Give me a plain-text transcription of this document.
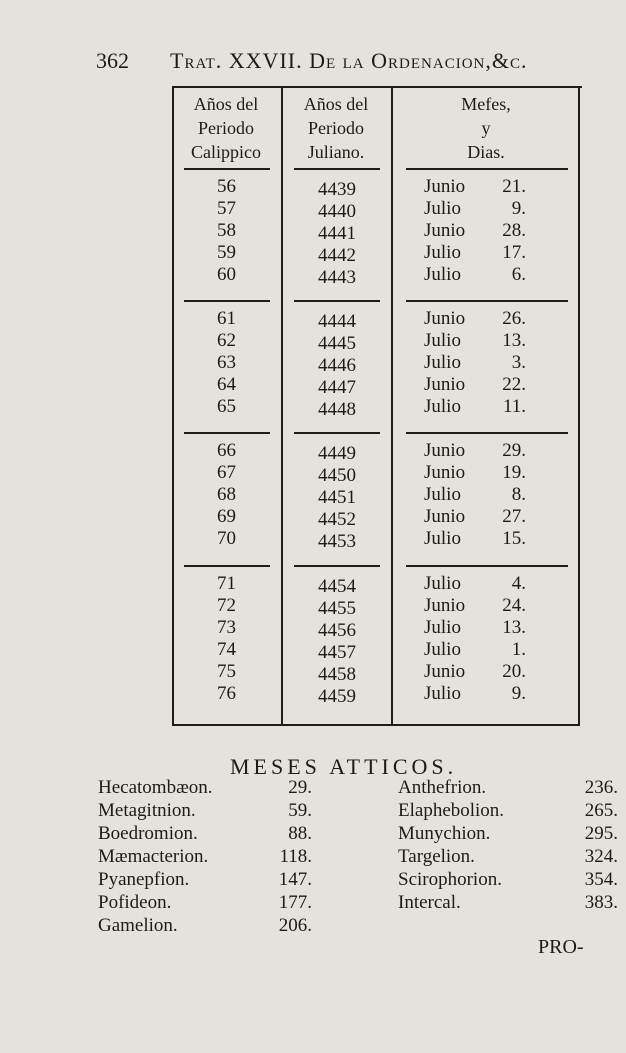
362 Trat. XXVII. De la Ordenacion,&c.
Años del
Periodo
Calippico
Años del
Periodo
Juliano.
Mefes,
y
Dias.
56	4439	Junio	21.
57	4440	Julio	9.
58	4441	Junio	28.
59	4442	Julio	17.
60	4443	Julio	6.
61	4444	Junio	26.
62	4445	Julio	13.
63	4446	Julio	3.
64	4447	Junio	22.
65	4448	Julio	11.
66	4449	Junio	29.
67	4450	Junio	19.
68	4451	Julio	8.
69	4452	Junio	27.
70	4453	Julio	15.
71	4454	Julio	4.
72	4455	Junio	24.
73	4456	Julio	13.
74	4457	Julio	1.
75	4458	Junio	20.
76	4459	Julio	9.
MESES ATTICOS.
Hecatombæon.	29.
Metagitnion.	59.
Boedromion.	88.
Mæmacterion.	118.
Pyanepfion.	147.
Pofideon.	177.
Gamelion.	206.
Anthefrion.	236.
Elaphebolion.	265.
Munychion.	295.
Targelion.	324.
Scirophorion.	354.
Intercal.	383.
PRO-
